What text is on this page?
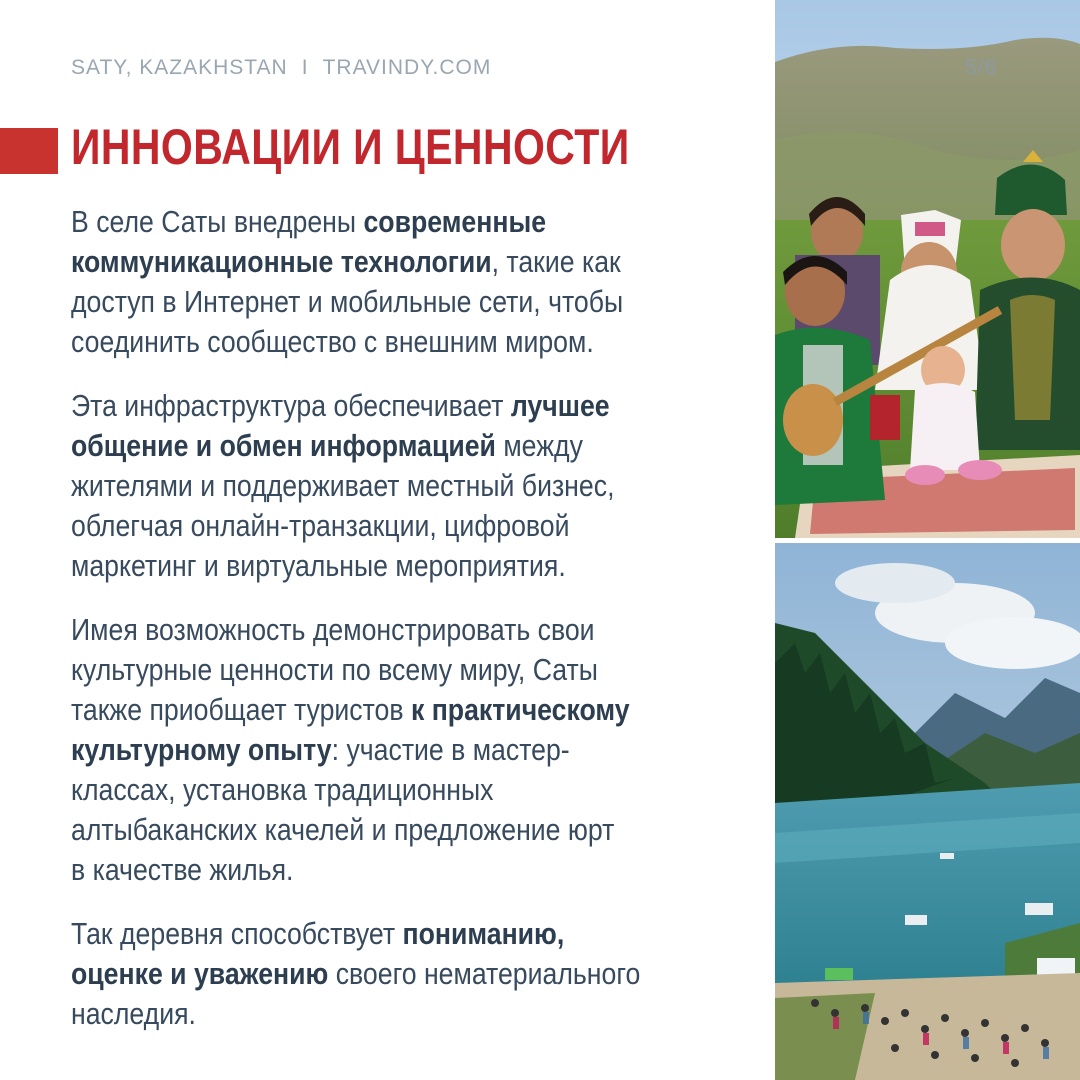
SATY, KAZAKHSTAN I TRAVINDY.COM
ИННОВАЦИИ И ЦЕННОСТИ
В селе Саты внедрены современные
коммуникационные технологии, такие как
доступ в Интернет и мобильные сети, чтобы
соединить сообщество с внешним миром.
Эта инфраструктура обеспечивает лучшее
общение и обмен информацией между
жителями и поддерживает местный бизнес,
облегчая онлайн-транзакции, цифровой
маркетинг и виртуальные мероприятия.
Имея возможность демонстрировать свои
культурные ценности по всему миру, Саты
также приобщает туристов к практическому
культурному опыту: участие в мастер-
классах, установка традиционных
алтыбаканских качелей и предложение юрт
в качестве жилья.
Так деревня способствует пониманию,
оценке и уважению своего нематериального
наследия.
5/6
